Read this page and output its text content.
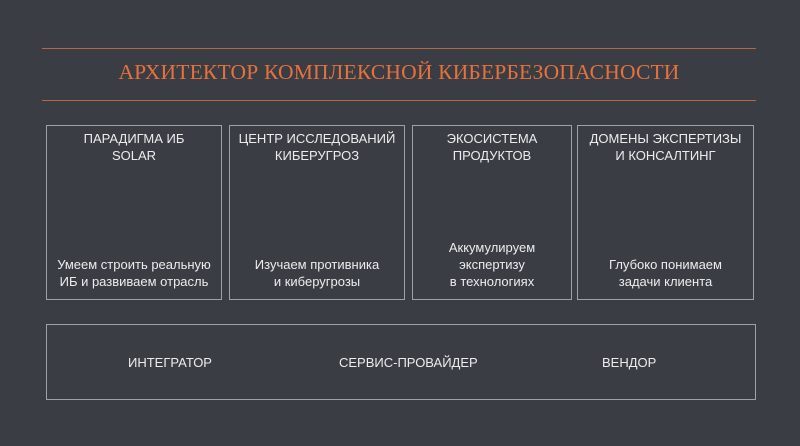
АРХИТЕКТОР КОМПЛЕКСНОЙ КИБЕРБЕЗОПАСНОСТИ
ПАРАДИГМА ИБ
SOLAR
Умеем строить реальную
ИБ и развиваем отрасль
ЦЕНТР ИССЛЕДОВАНИЙ
КИБЕРУГРОЗ
Изучаем противника
и киберугрозы
ЭКОСИСТЕМА
ПРОДУКТОВ
Аккумулируем
экспертизу
в технологиях
ДОМЕНЫ ЭКСПЕРТИЗЫ
И КОНСАЛТИНГ
Глубоко понимаем
задачи клиента
ИНТЕГРАТОР	СЕРВИС-ПРОВАЙДЕР	ВЕНДОР
